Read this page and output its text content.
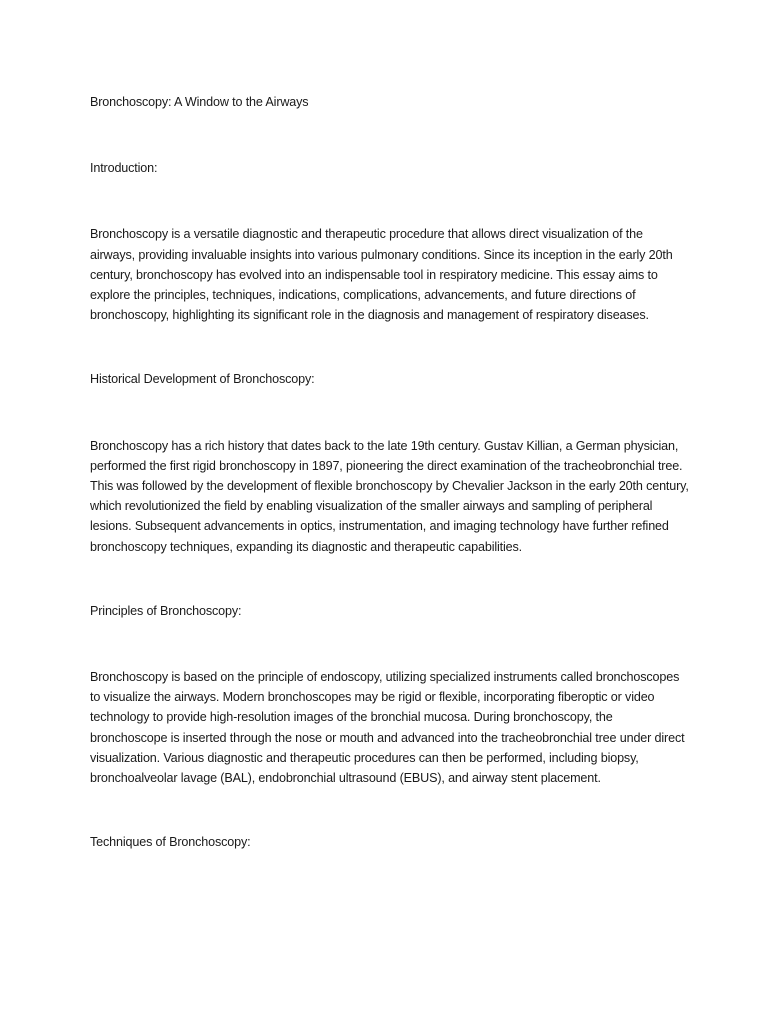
Bronchoscopy: A Window to the Airways

Introduction:

Bronchoscopy is a versatile diagnostic and therapeutic procedure that allows direct visualization of the airways, providing invaluable insights into various pulmonary conditions. Since its inception in the early 20th century, bronchoscopy has evolved into an indispensable tool in respiratory medicine. This essay aims to explore the principles, techniques, indications, complications, advancements, and future directions of bronchoscopy, highlighting its significant role in the diagnosis and management of respiratory diseases.

Historical Development of Bronchoscopy:

Bronchoscopy has a rich history that dates back to the late 19th century. Gustav Killian, a German physician, performed the first rigid bronchoscopy in 1897, pioneering the direct examination of the tracheobronchial tree. This was followed by the development of flexible bronchoscopy by Chevalier Jackson in the early 20th century, which revolutionized the field by enabling visualization of the smaller airways and sampling of peripheral lesions. Subsequent advancements in optics, instrumentation, and imaging technology have further refined bronchoscopy techniques, expanding its diagnostic and therapeutic capabilities.

Principles of Bronchoscopy:

Bronchoscopy is based on the principle of endoscopy, utilizing specialized instruments called bronchoscopes to visualize the airways. Modern bronchoscopes may be rigid or flexible, incorporating fiberoptic or video technology to provide high-resolution images of the bronchial mucosa. During bronchoscopy, the bronchoscope is inserted through the nose or mouth and advanced into the tracheobronchial tree under direct visualization. Various diagnostic and therapeutic procedures can then be performed, including biopsy, bronchoalveolar lavage (BAL), endobronchial ultrasound (EBUS), and airway stent placement.

Techniques of Bronchoscopy:
